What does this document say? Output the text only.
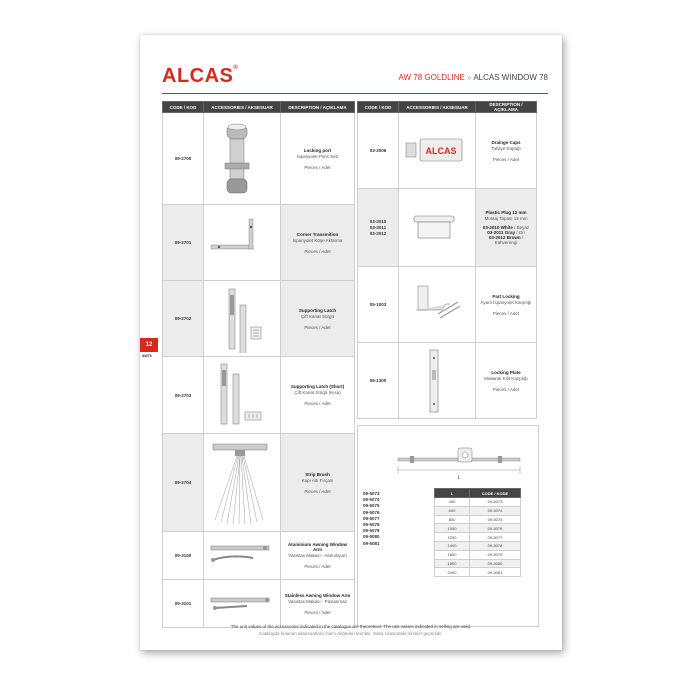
ALCAS®
AW 78 GOLDLINE » ALCAS WINDOW 78
12
AW78
CODE / KOD	ACCESSORIES / AKSESUAR	DESCRIPTION / AÇIKLAMA
09-2700		Locking port
İspanyolet Pims Seti
Pieces / Adet

09-2701		Corner Transmition
İspanyolet Köşe Aktarma
Pieces / Adet

09-2702		Supporting Latch
Çift Kanat Sürgü
Pieces / Adet

09-2703		Supporting Latch (Short)
Çift Kanat Sürgü (Kısa)
Pieces / Adet

09-2704		Strip Brush
Kapı Altı Fırçası
Pieces / Adet

09-3100		Aluminium Awning Window Arm
Vasistas Makası - Alüminyum
Pieces / Adet

09-3101		Stainless Awning Window Arm
Vasistas Makası - Paslanmaz
Pieces / Adet
CODE / KOD	ACCESSORIES / AKSESUAR	DESCRIPTION / AÇIKLAMA
03-2006	ALCAS	Drainge Caps
Tahliye Kapağı
Pieces / Adet

03-2010
03-2011
03-2012		Plastic Plug 12 mm
Montaj Tapası 12 mm
03-2010 White / Beyaz
03-2011 Gray / Gri
03-2012 Brown / Kahverengi

05-1003		Part Locking
Ayarlı İspanyolet Karşılığı
Pieces / Adet

06-1300		Locking Plate
Makaralı Kilit Karşılığı
Pieces / Adet
L
09-5073
09-5074
09-5075
09-5076
09-5077
09-5078
09-5079
09-5080
09-5081
L	CODE / KODE
400	09-5073
600	09-5074
800	09-5075
1000	09-5076
1200	09-5077
1400	09-5078
1600	09-5079
1800	09-5080
2000	09-5081
The unit values of the accessories indicated in the catalogue are theoretical. The unit values indicated in selling are valid.
Katalogda bulunan aksesuarların birim değerleri teoriktir. Satış sırasındaki birimler geçerlidir.
